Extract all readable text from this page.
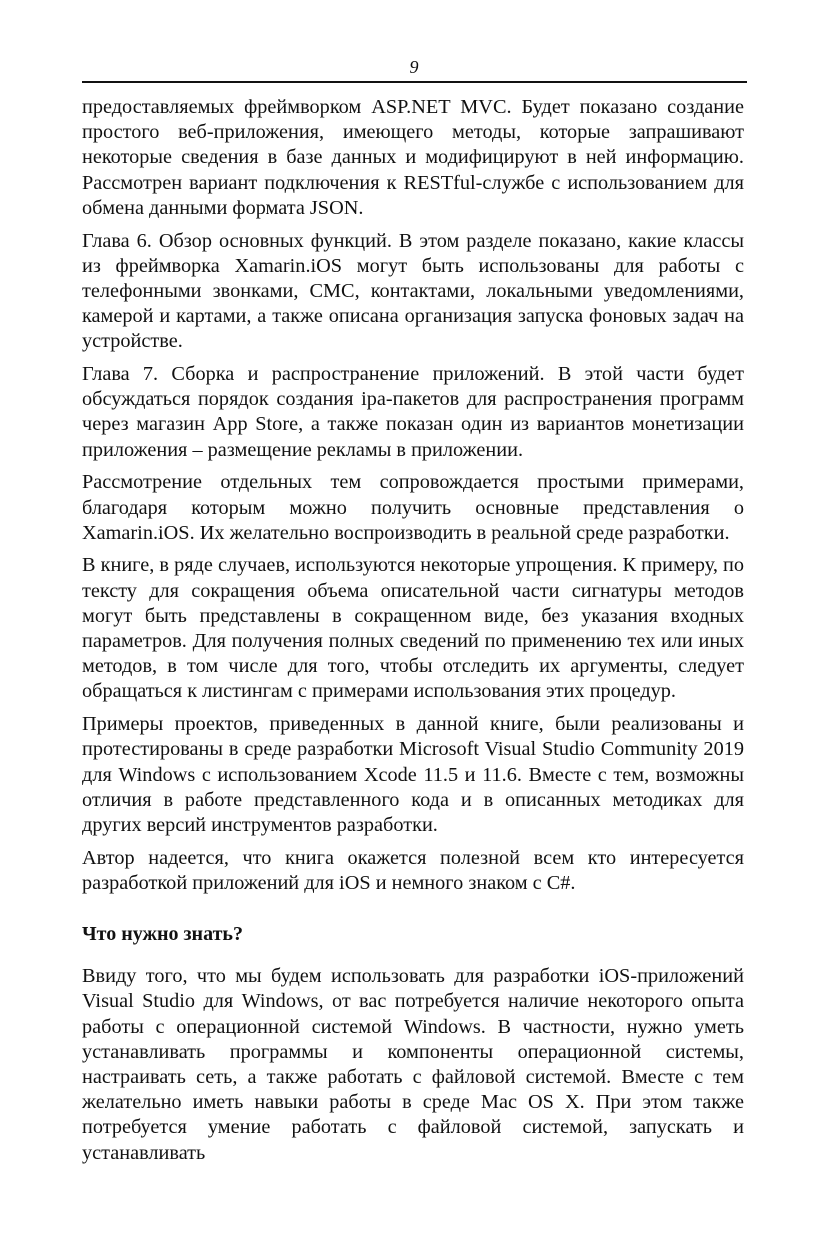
9

предоставляемых фреймворком ASP.NET MVC. Будет показано создание простого веб-приложения, имеющего методы, которые запрашивают некоторые сведения в базе данных и модифицируют в ней информацию. Рассмотрен вариант подключения к RESTful-службе с использованием для обмена данными формата JSON.

Глава 6. Обзор основных функций. В этом разделе показано, какие классы из фреймворка Xamarin.iOS могут быть использованы для работы с телефонными звонками, СМС, контактами, локальными уведомлениями, камерой и картами, а также описана организация запуска фоновых задач на устройстве.

Глава 7. Сборка и распространение приложений. В этой части будет обсуждаться порядок создания ipa-пакетов для распространения программ через магазин App Store, а также показан один из вариантов монетизации приложения – размещение рекламы в приложении.

Рассмотрение отдельных тем сопровождается простыми примерами, благодаря которым можно получить основные представления о Xamarin.iOS. Их желательно воспроизводить в реальной среде разработки.

В книге, в ряде случаев, используются некоторые упрощения. К примеру, по тексту для сокращения объема описательной части сигнатуры методов могут быть представлены в сокращенном виде, без указания входных параметров. Для получения полных сведений по применению тех или иных методов, в том числе для того, чтобы отследить их аргументы, следует обращаться к листингам с примерами использования этих процедур.

Примеры проектов, приведенных в данной книге, были реализованы и протестированы в среде разработки Microsoft Visual Studio Community 2019 для Windows с использованием Xcode 11.5 и 11.6. Вместе с тем, возможны отличия в работе представленного кода и в описанных методиках для других версий инструментов разработки.

Автор надеется, что книга окажется полезной всем кто интересуется разработкой приложений для iOS и немного знаком с C#.

Что нужно знать?

Ввиду того, что мы будем использовать для разработки iOS-приложений Visual Studio для Windows, от вас потребуется наличие некоторого опыта работы с операционной системой Windows. В частности, нужно уметь устанавливать программы и компоненты операционной системы, настраивать сеть, а также работать с файловой системой. Вместе с тем желательно иметь навыки работы в среде Mac OS X. При этом также потребуется умение работать с файловой системой, запускать и устанавливать
